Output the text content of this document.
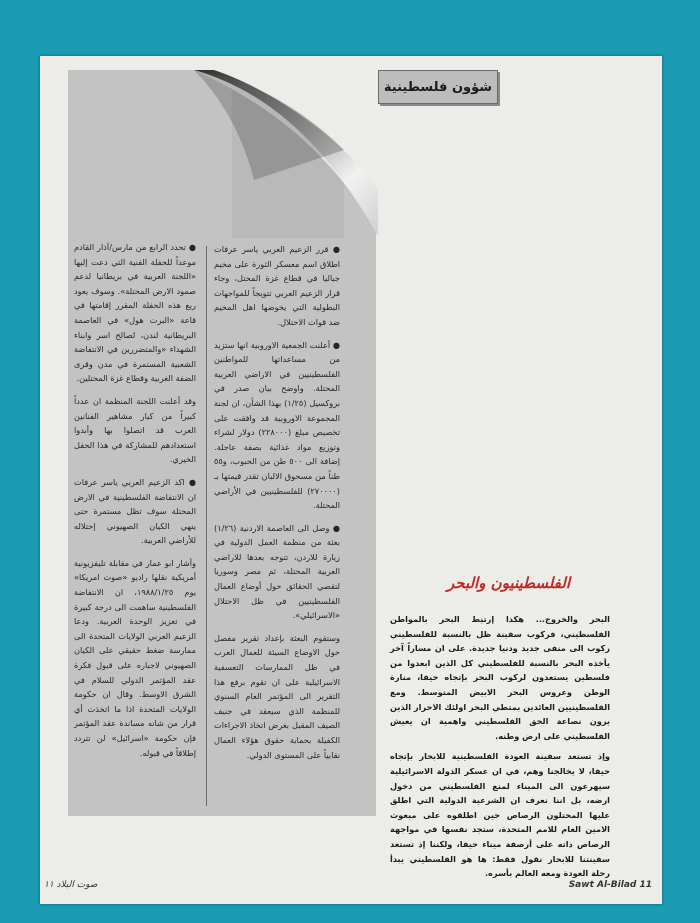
شؤون فلسطينية

● تحدد الرابع من مارس/آذار القادم موعداً للحفلة الفنية التي دعت إليها «اللجنة العربية في بريطانيا لدعم صمود الارض المحتلة». وسوف يعود ريع هذه الحفلة المقرر إقامتها في قاعة «البرت هول» في العاصمة البريطانية لندن، لصالح اسر وابناء الشهداء «والمتضررين في الانتفاضة الشعبية المستمرة في مدن وقرى الضفة الغربية وقطاع غزة المحتلين.

وقد أعلنت اللجنة المنظمة ان عدداً كبيراً من كبار مشاهير الفنانين العرب قد اتصلوا بها وأبدوا استعدادهم للمشاركة في هذا الحفل الخيري.

● اكد الزعيم العربي ياسر عرفات ان الانتفاضة الفلسطينية في الارض المحتلة سوف تظل مستمرة حتى ينهي الكيان الصهيوني إحتلاله للأراضي العربية.

وأشار ابو عمار في مقابلة تليفزيونية أمريكية نقلها راديو «صوت امريكا» يوم ١٩٨٨/١/٢٥، ان الانتفاضة الفلسطينية ساهمت الى درجة كبيرة في تعزيز الوحدة العربية. ودعا الزعيم العربي الولايات المتحدة الى ممارسة ضغط حقيقي على الكيان الصهيوني لاجباره على قبول فكرة عقد المؤتمر الدولي للسلام في الشرق الاوسط. وقال ان حكومة الولايات المتحدة اذا ما اتخذت أي قرار من شانه مساندة عقد المؤتمر فإن حكومة «اسرائيل» لن تتردد إطلاقاً في قبوله.

● قرر الزعيم العربي ياسر عرفات اطلاق اسم معسكر الثورة على مخيم جباليا في قطاع غزة المحتل، وجاء قرار الزعيم العربي تتويجاً للمواجهات البطولية التي يخوضها اهل المخيم ضد قوات الاحتلال.

● أعلنت الجمعية الاوروبية انها ستزيد من مساعداتها للمواطنين الفلسطينيين في الاراضي العربية المحتلة. واوضح بيان صدر في بروكسيل (١/٢٥) بهذا الشأن، ان لجنة المجموعة الاوروبية قد وافقت على تخصيص مبلغ (٢٢٨٠٠٠) دولار لشراء وتوزيع مواد غذائية بصفة عاجلة. إضافة الى ٥٠٠ طن من الحبوب، و٥٥ طناً من مسحوق الالبان تقدر قيمتها بـ (٢٧٠٠٠٠) للفلسطينيين في الأراضي المحتلة.

● وصل الى العاصمة الاردنية (١/٢٦) بعثة من منظمة العمل الدولية في زيارة للاردن، تتوجه بعدها للاراضي العربية المحتلة، ثم مصر وسوريا لتقصي الحقائق حول أوضاع العمال الفلسطينيين في ظل الاحتلال «الاسرائيلي».

وستقوم البعثة بإعداد تقرير مفصل حول الاوضاع السيئة للعمال العرب في ظل الممارسات التعسفية الاسرائيلية على ان تقوم برفع هذا التقرير الى المؤتمر العام السنوي للمنظمة الذي سيعقد في جنيف الصيف المقبل بغرض اتخاذ الاجراءات الكفيلة بحماية حقوق هؤلاء العمال نقابياً على المستوى الدولي.

الفلسطينيون والبحر

البحر والخروج... هكذا إرتبط البحر بالمواطن الفلسطيني، فركوب سفينة ظل بالنسبة للفلسطيني ركوب الى منفى جديد ودنيا جديدة. على ان مساراً آخر يأخذه البحر بالنسبة للفلسطيني كل الذين ابعدوا من فلسطين يستعدون لركوب البحر بإتجاه حيفا، منارة الوطن وعروس البحر الابيض المتوسط. ومع الفلسطينيين العائدين بمتطي البحر اولئك الاحرار الذين يرون نصاعة الحق الفلسطيني واهمية ان يعيش الفلسطيني على ارض وطنه.

وإذ تستعد سفينة العودة الفلسطينية للابحار بإتجاه حيفا، لا يخالجنا وهم، في ان عسكر الدولة الاسرائيلية سيهرعون الى الميناء لمنع الفلسطيني من دخول ارضه، بل اننا نعرف ان الشرعية الدولية التي اطلق عليها المحتلون الرصاص حين اطلقوه على مبعوث الامين العام للامم المتحدة، ستجد نفسها في مواجهة الرصاص ذاته على أرصفة ميناء حيفا، ولكننا إذ تستعد سفينتنا للابحار نقول فقط: ها هو الفلسطيني يبدأ رحلة العودة ومعه العالم بأسره.

صوت البلاد ١١	Sawt Al-Bilad 11
